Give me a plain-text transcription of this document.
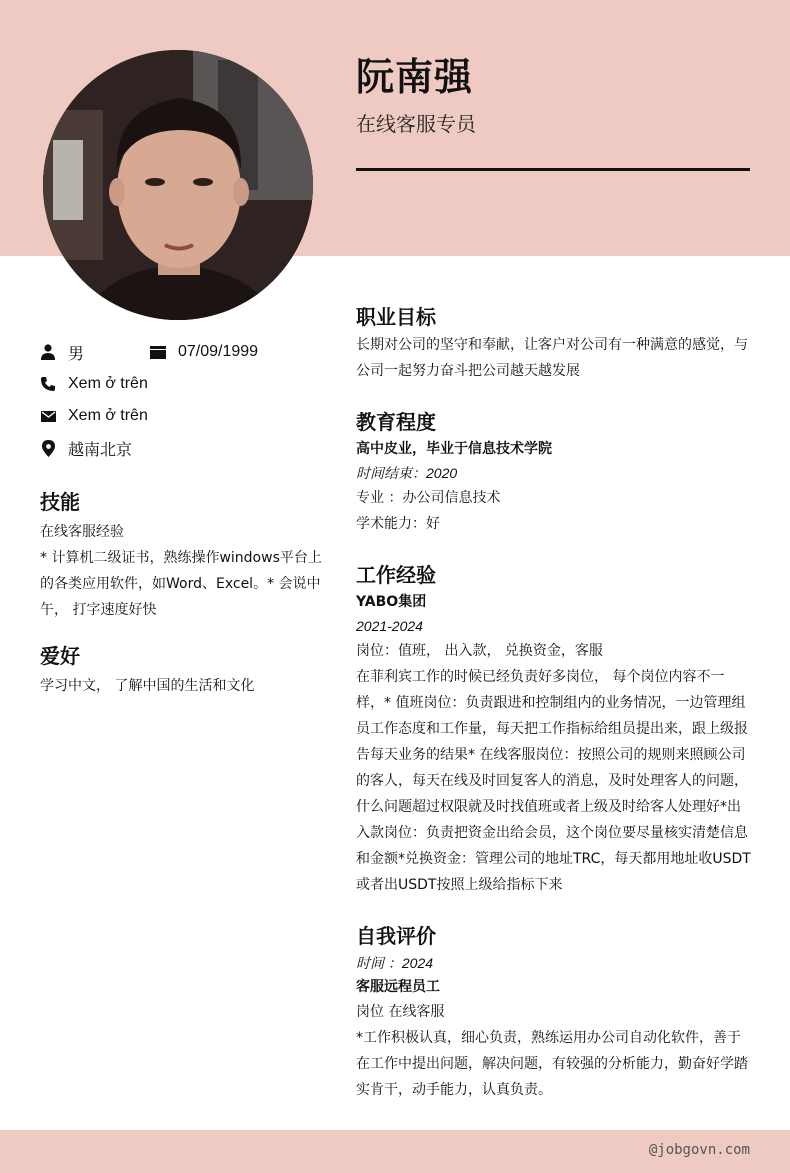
阮南强
在线客服专员
男	07/09/1999
Xem ở trên
Xem ở trên
越南北京
技能
在线客服经验
* 计算机二级证书，熟练操作windows平台上
的各类应用软件，如Word、Excel。* 会说中
午， 打字速度好快
爱好
学习中文， 了解中国的生活和文化
职业目标
长期对公司的坚守和奉献，让客户对公司有一种满意的感觉，与
公司一起努力奋斗把公司越天越发展
教育程度
高中皮业，毕业于信息技术学院
时间结束：2020
专业 ：办公司信息技术
学术能力：好
工作经验
YABO集团
2021-2024
岗位：值班， 出入款， 兑换资金，客服
在菲利宾工作的时候已经负责好多岗位， 每个岗位内容不一
样，* 值班岗位：负责跟进和控制组内的业务情况，一边管理组
员工作态度和工作量，每天把工作指标给组员提出来，跟上级报
告每天业务的结果* 在线客服岗位：按照公司的规则来照顾公司
的客人，每天在线及时回复客人的消息，及时处理客人的问题，
什么问题超过权限就及时找值班或者上级及时给客人处理好*出
入款岗位：负责把资金出给会员，这个岗位要尽量核实清楚信息
和金额*兑换资金：管理公司的地址TRC，每天都用地址收USDT
或者出USDT按照上级给指标下来
自我评价
时间 ：2024
客服远程员工
岗位 在线客服
*工作积极认真，细心负责，熟练运用办公司自动化软件，善于
在工作中提出问题，解决问题，有较强的分析能力，勤奋好学踏
实肯干，动手能力，认真负责。
@jobgovn.com
